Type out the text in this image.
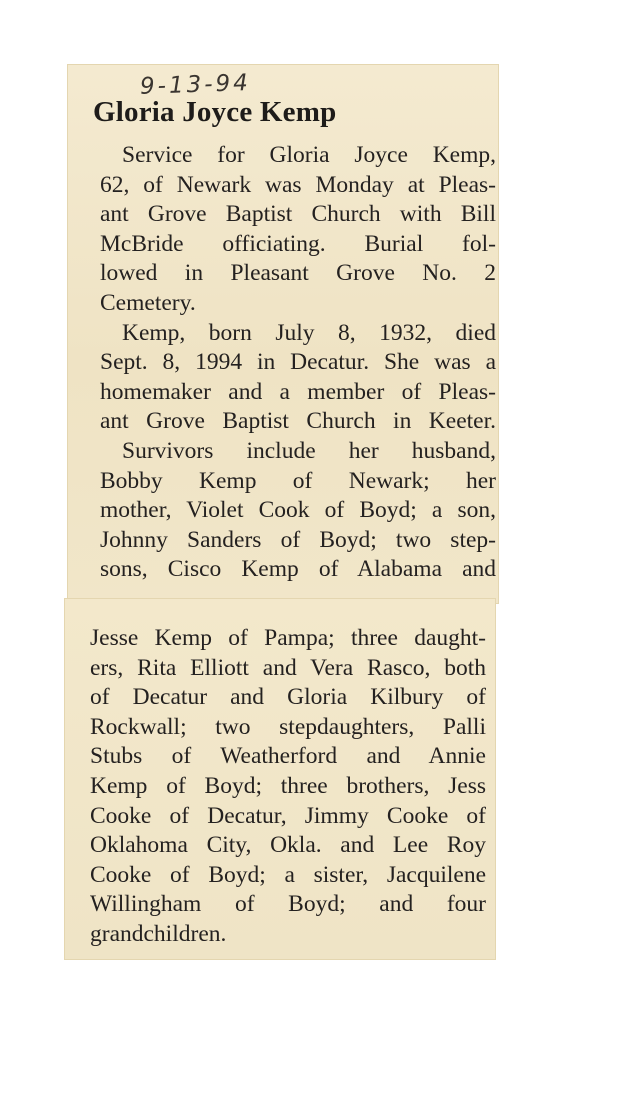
9-13-94
Gloria Joyce Kemp
Service for Gloria Joyce Kemp,
62, of Newark was Monday at Pleas-
ant Grove Baptist Church with Bill
McBride officiating. Burial fol-
lowed in Pleasant Grove No. 2
Cemetery.
Kemp, born July 8, 1932, died
Sept. 8, 1994 in Decatur. She was a
homemaker and a member of Pleas-
ant Grove Baptist Church in Keeter.
Survivors include her husband,
Bobby Kemp of Newark; her
mother, Violet Cook of Boyd; a son,
Johnny Sanders of Boyd; two step-
sons, Cisco Kemp of Alabama and
Jesse Kemp of Pampa; three daught-
ers, Rita Elliott and Vera Rasco, both
of Decatur and Gloria Kilbury of
Rockwall; two stepdaughters, Palli
Stubs of Weatherford and Annie
Kemp of Boyd; three brothers, Jess
Cooke of Decatur, Jimmy Cooke of
Oklahoma City, Okla. and Lee Roy
Cooke of Boyd; a sister, Jacquilene
Willingham of Boyd; and four
grandchildren.
